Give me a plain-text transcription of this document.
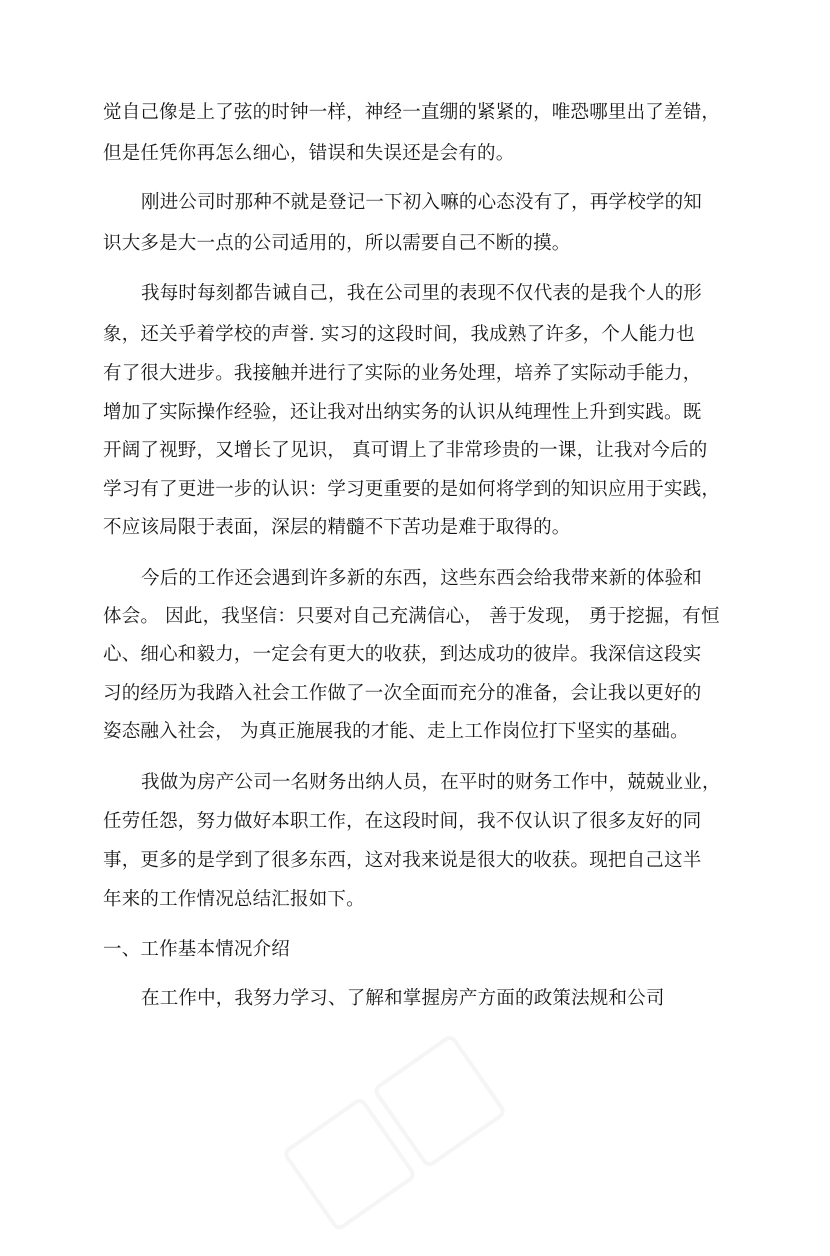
觉自己像是上了弦的时钟一样，神经一直绷的紧紧的，唯恐哪里出了差错，
但是任凭你再怎么细心，错误和失误还是会有的。
刚进公司时那种不就是登记一下初入嘛的心态没有了，再学校学的知
识大多是大一点的公司适用的，所以需要自己不断的摸。
我每时每刻都告诫自己，我在公司里的表现不仅代表的是我个人的形
象，还关乎着学校的声誉. 实习的这段时间，我成熟了许多，个人能力也
有了很大进步。我接触并进行了实际的业务处理，培养了实际动手能力，
增加了实际操作经验，还让我对出纳实务的认识从纯理性上升到实践。既
开阔了视野，又增长了见识， 真可谓上了非常珍贵的一课，让我对今后的
学习有了更进一步的认识：学习更重要的是如何将学到的知识应用于实践，
不应该局限于表面，深层的精髓不下苦功是难于取得的。
今后的工作还会遇到许多新的东西，这些东西会给我带来新的体验和
体会。 因此，我坚信：只要对自己充满信心， 善于发现， 勇于挖掘，有恒
心、细心和毅力，一定会有更大的收获，到达成功的彼岸。我深信这段实
习的经历为我踏入社会工作做了一次全面而充分的准备，会让我以更好的
姿态融入社会， 为真正施展我的才能、走上工作岗位打下坚实的基础。
我做为房产公司一名财务出纳人员，在平时的财务工作中，兢兢业业，
任劳任怨，努力做好本职工作，在这段时间，我不仅认识了很多友好的同
事，更多的是学到了很多东西，这对我来说是很大的收获。现把自己这半
年来的工作情况总结汇报如下。
一、工作基本情况介绍
在工作中，我努力学习、了解和掌握房产方面的政策法规和公司
